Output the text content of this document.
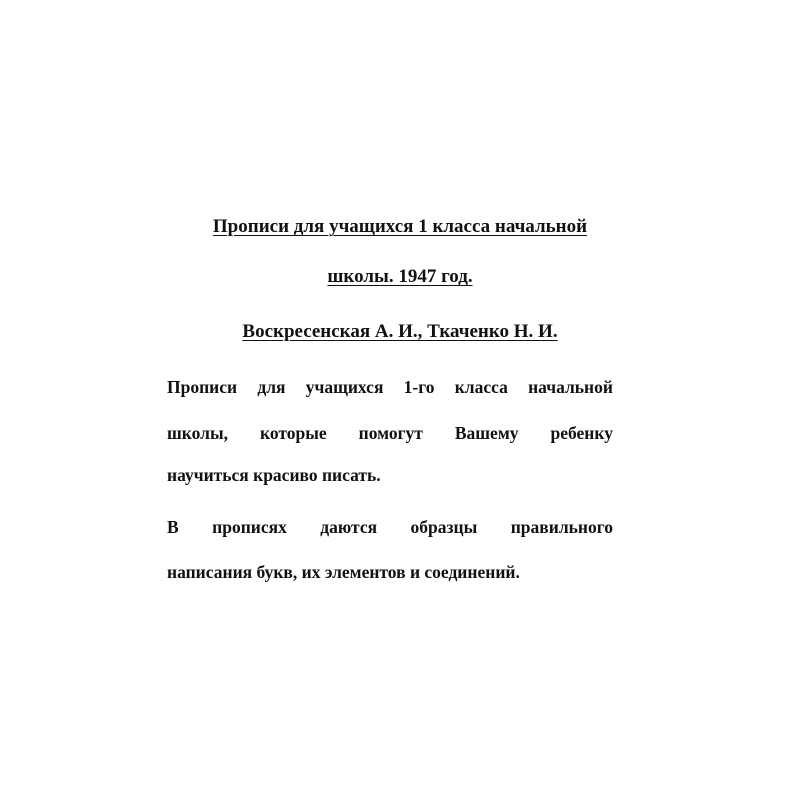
Прописи для учащихся 1 класса начальной
школы. 1947 год.
Воскресенская А. И., Ткаченко Н. И.
Прописи для учащихся 1-го класса начальной
школы, которые помогут Вашему ребенку
научиться красиво писать.
В прописях даются образцы правильного
написания букв, их элементов и соединений.
